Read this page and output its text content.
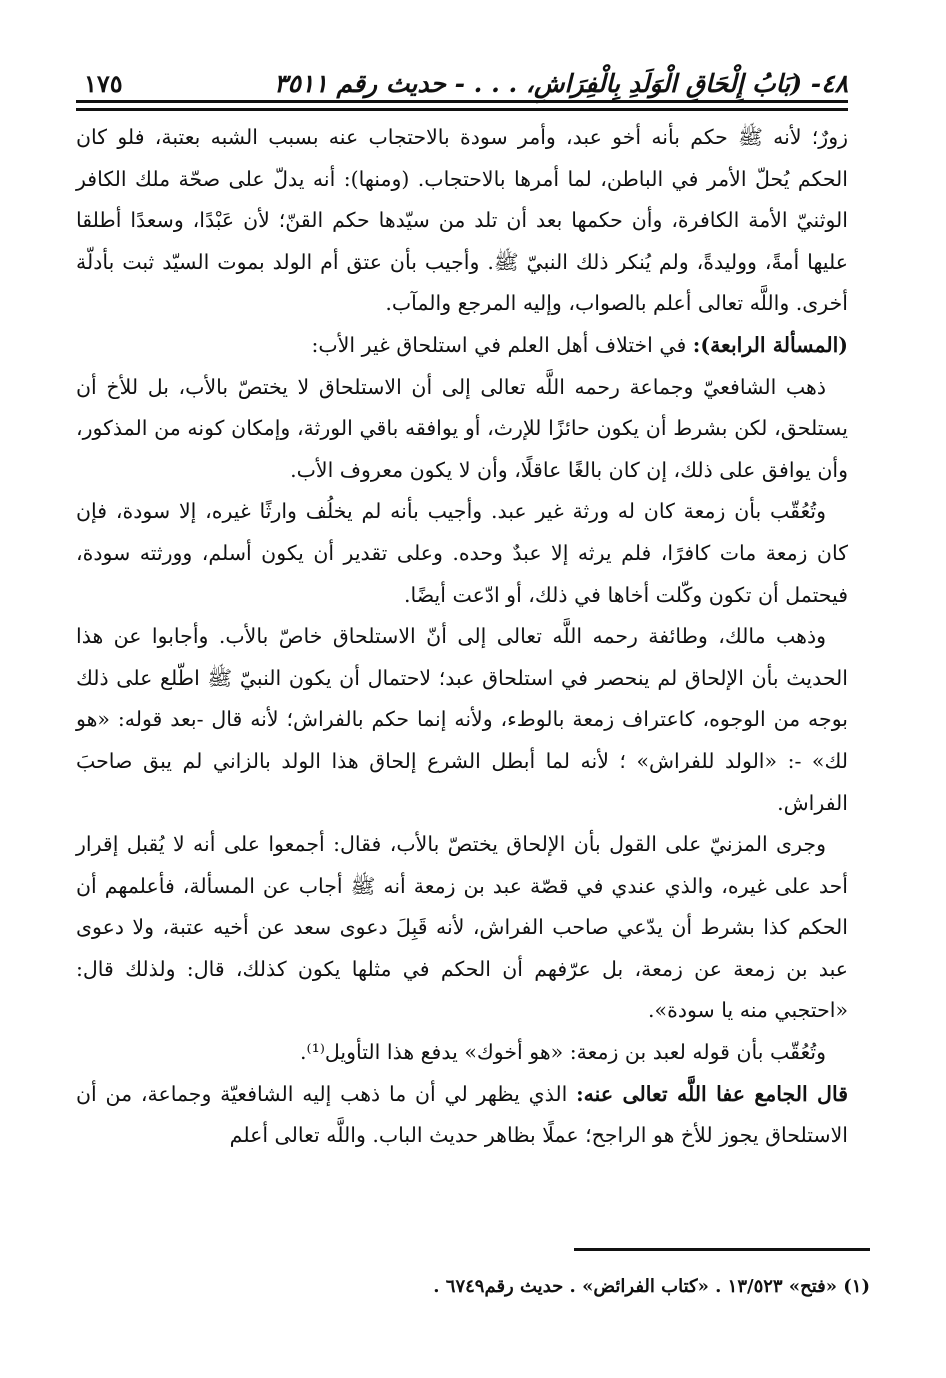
٤٨- (بَابُ إِلْحَاقِ الْوَلَدِ بِالْفِرَاشِ، . . . - حديث رقم ٣٥١١
١٧٥

زورٌ؛ لأنه ﷺ حكم بأنه أخو عبد، وأمر سودة بالاحتجاب عنه بسبب الشبه بعتبة، فلو كان الحكم يُحلّ الأمر في الباطن، لما أمرها بالاحتجاب. (ومنها): أنه يدلّ على صحّة ملك الكافر الوثنيّ الأمة الكافرة، وأن حكمها بعد أن تلد من سيّدها حكم القنّ؛ لأن عَبْدًا، وسعدًا أطلقا عليها أمةً، ووليدةً، ولم يُنكر ذلك النبيّ ﷺ. وأجيب بأن عتق أم الولد بموت السيّد ثبت بأدلّة أخرى. واللَّه تعالى أعلم بالصواب، وإليه المرجع والمآب.

(المسألة الرابعة): في اختلاف أهل العلم في استلحاق غير الأب:

ذهب الشافعيّ وجماعة رحمه اللَّه تعالى إلى أن الاستلحاق لا يختصّ بالأب، بل للأخ أن يستلحق، لكن بشرط أن يكون حائزًا للإرث، أو يوافقه باقي الورثة، وإمكان كونه من المذكور، وأن يوافق على ذلك، إن كان بالغًا عاقلًا، وأن لا يكون معروف الأب.

وتُعُقّب بأن زمعة كان له ورثة غير عبد. وأجيب بأنه لم يخلُف وارثًا غيره، إلا سودة، فإن كان زمعة مات كافرًا، فلم يرثه إلا عبدٌ وحده. وعلى تقدير أن يكون أسلم، وورثته سودة، فيحتمل أن تكون وكّلت أخاها في ذلك، أو ادّعت أيضًا.

وذهب مالك، وطائفة رحمه اللَّه تعالى إلى أنّ الاستلحاق خاصّ بالأب. وأجابوا عن هذا الحديث بأن الإلحاق لم ينحصر في استلحاق عبد؛ لاحتمال أن يكون النبيّ ﷺ اطّلع على ذلك بوجه من الوجوه، كاعتراف زمعة بالوطء، ولأنه إنما حكم بالفراش؛ لأنه قال -بعد قوله: «هو لك» -: «الولد للفراش» ؛ لأنه لما أبطل الشرع إلحاق هذا الولد بالزاني لم يبق صاحبَ الفراش.

وجرى المزنيّ على القول بأن الإلحاق يختصّ بالأب، فقال: أجمعوا على أنه لا يُقبل إقرار أحد على غيره، والذي عندي في قصّة عبد بن زمعة أنه ﷺ أجاب عن المسألة، فأعلمهم أن الحكم كذا بشرط أن يدّعي صاحب الفراش، لأنه قَبِلَ دعوى سعد عن أخيه عتبة، ولا دعوى عبد بن زمعة عن زمعة، بل عرّفهم أن الحكم في مثلها يكون كذلك، قال: ولذلك قال: «احتجبي منه يا سودة».

وتُعُقّب بأن قوله لعبد بن زمعة: «هو أخوك» يدفع هذا التأويل⁽¹⁾.

قال الجامع عفا اللَّه تعالى عنه: الذي يظهر لي أن ما ذهب إليه الشافعيّة وجماعة، من أن الاستلحاق يجوز للأخ هو الراجح؛ عملًا بظاهر حديث الباب. واللَّه تعالى أعلم

(١) «فتح» ١٣/٥٢٣ . «كتاب الفرائض» . حديث رقم٦٧٤٩ .
